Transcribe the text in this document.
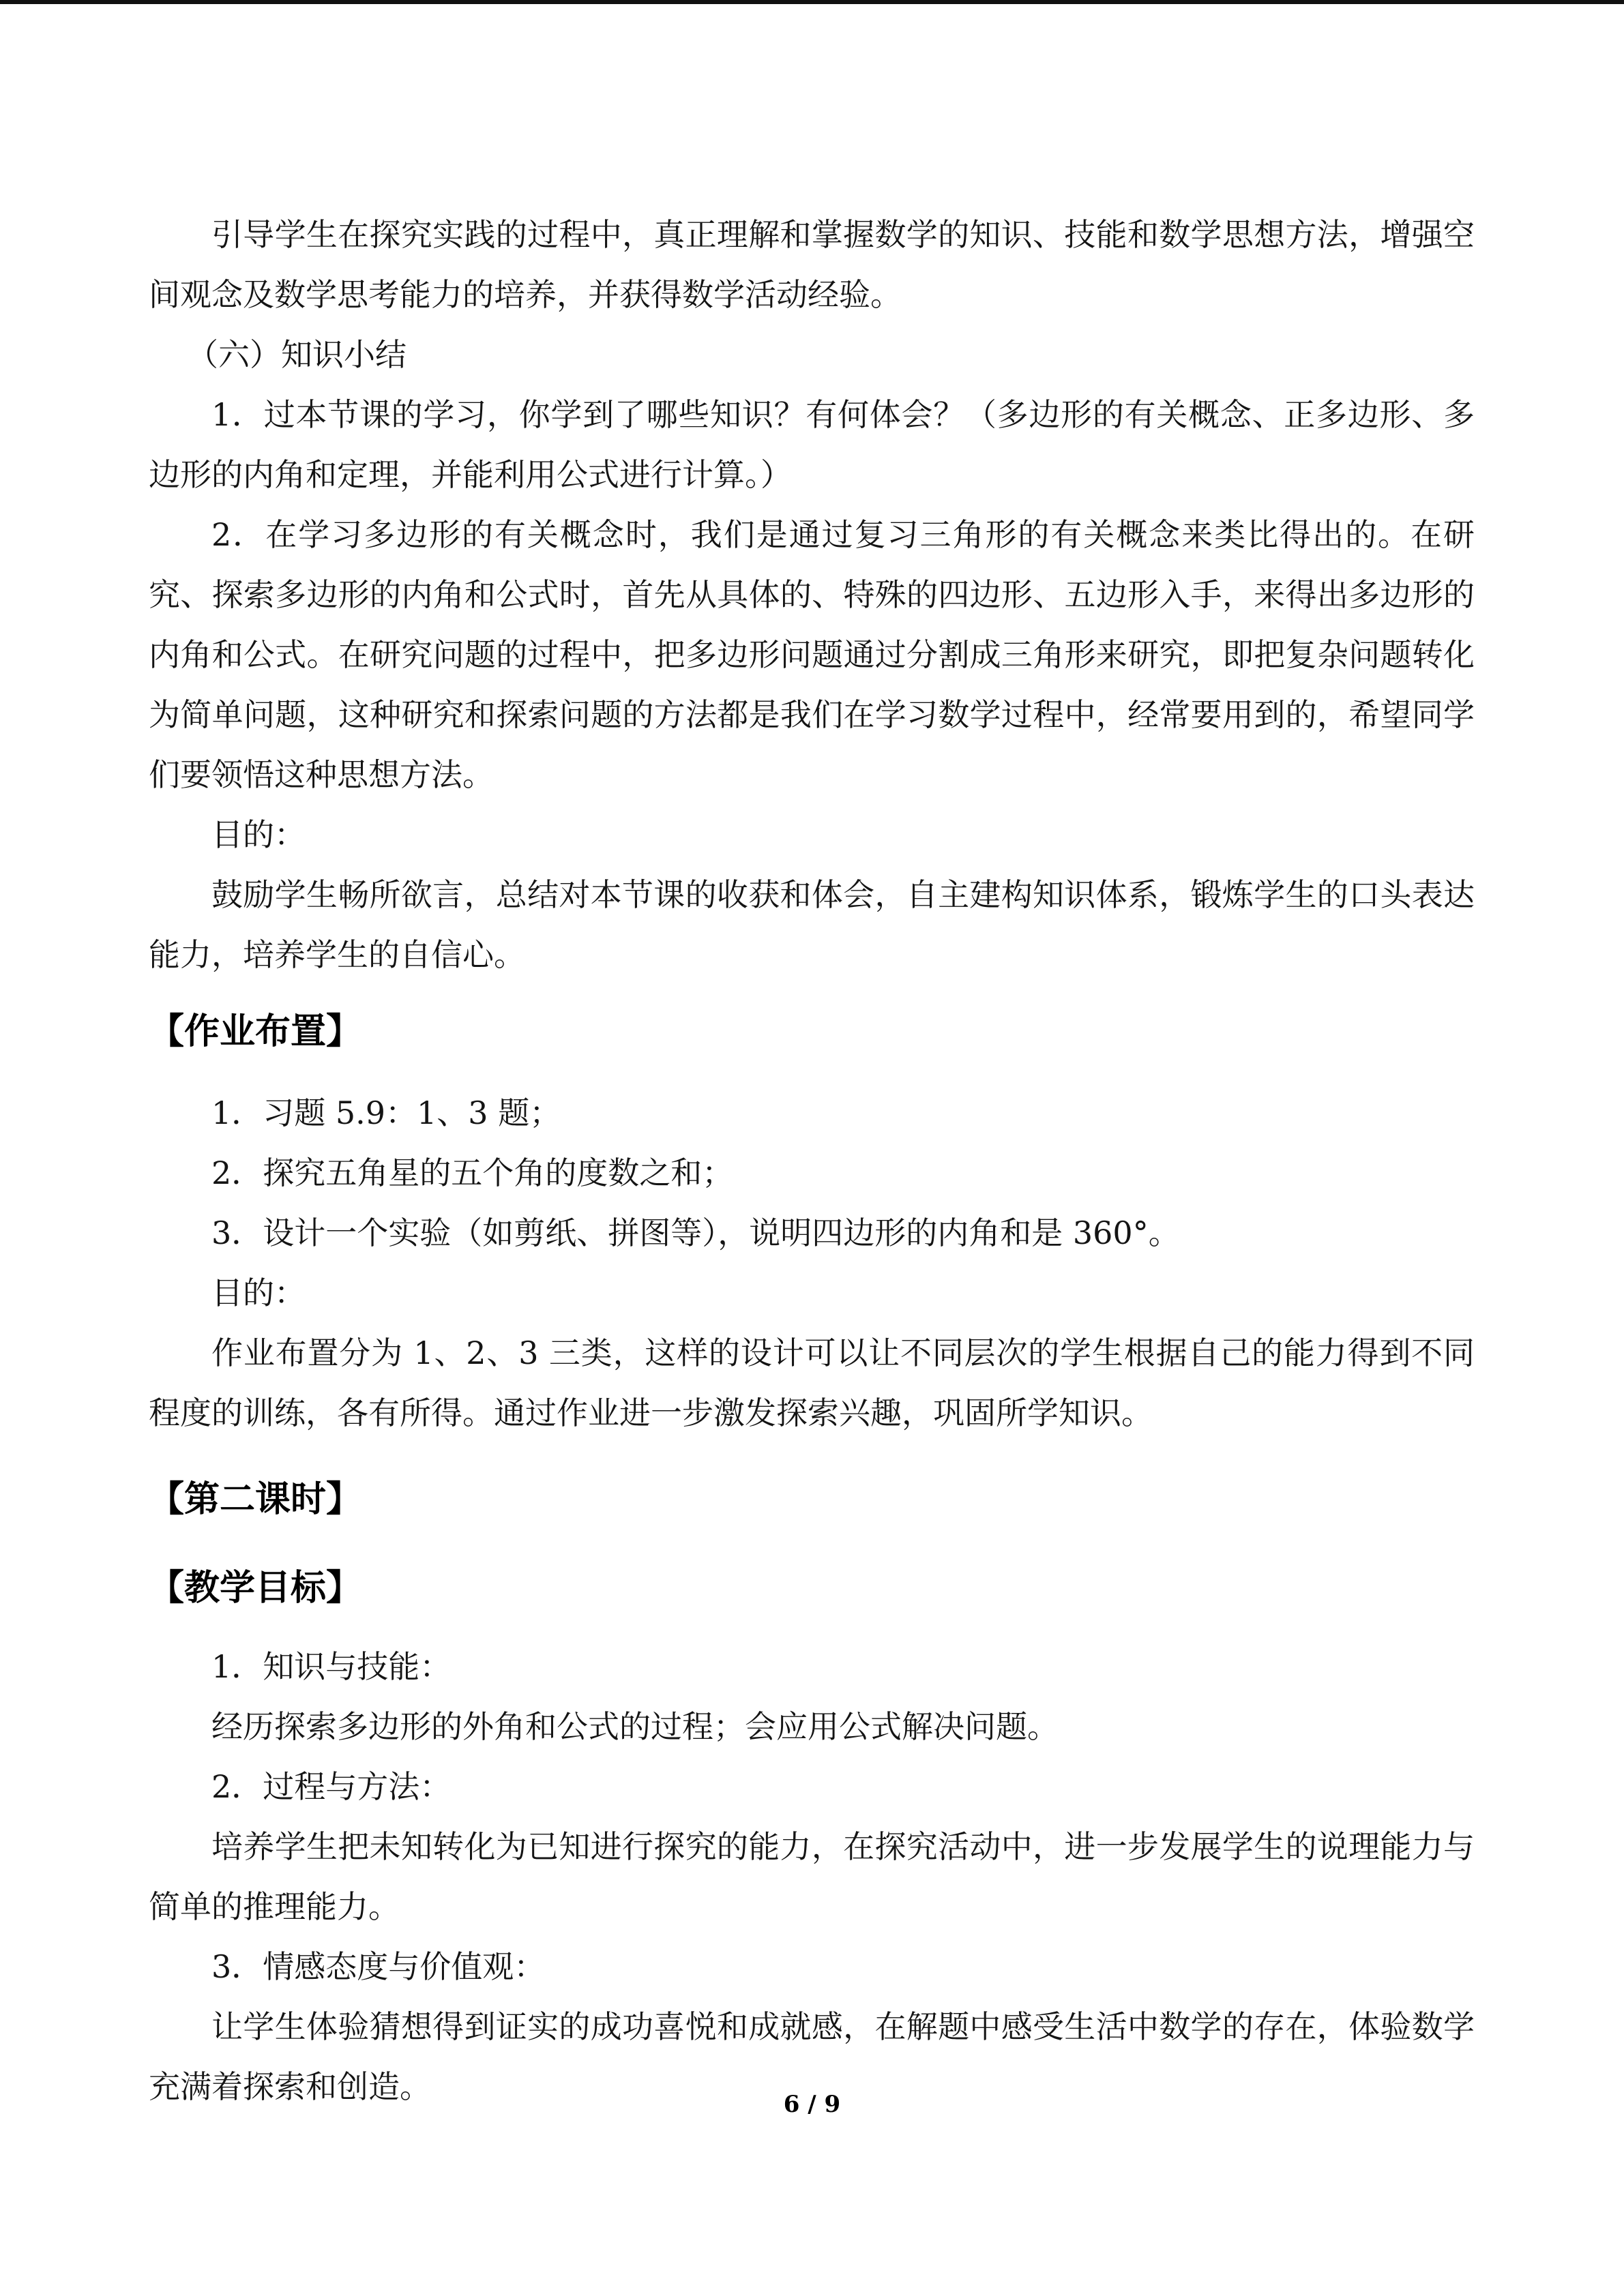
引导学生在探究实践的过程中，真正理解和掌握数学的知识、技能和数学思想方法，增强空间观念及数学思考能力的培养，并获得数学活动经验。

（六）知识小结

1．过本节课的学习，你学到了哪些知识？有何体会？（多边形的有关概念、正多边形、多边形的内角和定理，并能利用公式进行计算。）

2．在学习多边形的有关概念时，我们是通过复习三角形的有关概念来类比得出的。在研究、探索多边形的内角和公式时，首先从具体的、特殊的四边形、五边形入手，来得出多边形的内角和公式。在研究问题的过程中，把多边形问题通过分割成三角形来研究，即把复杂问题转化为简单问题，这种研究和探索问题的方法都是我们在学习数学过程中，经常要用到的，希望同学们要领悟这种思想方法。

目的：

鼓励学生畅所欲言，总结对本节课的收获和体会，自主建构知识体系，锻炼学生的口头表达能力，培养学生的自信心。

【作业布置】

1．习题 5.9：1、3 题；

2．探究五角星的五个角的度数之和；

3．设计一个实验（如剪纸、拼图等），说明四边形的内角和是 360°。

目的：

作业布置分为 1、2、3 三类，这样的设计可以让不同层次的学生根据自己的能力得到不同程度的训练，各有所得。通过作业进一步激发探索兴趣，巩固所学知识。

【第二课时】
【教学目标】

1．知识与技能：

经历探索多边形的外角和公式的过程；会应用公式解决问题。

2．过程与方法：

培养学生把未知转化为已知进行探究的能力，在探究活动中，进一步发展学生的说理能力与简单的推理能力。

3．情感态度与价值观：

让学生体验猜想得到证实的成功喜悦和成就感，在解题中感受生活中数学的存在，体验数学充满着探索和创造。	6 / 9
